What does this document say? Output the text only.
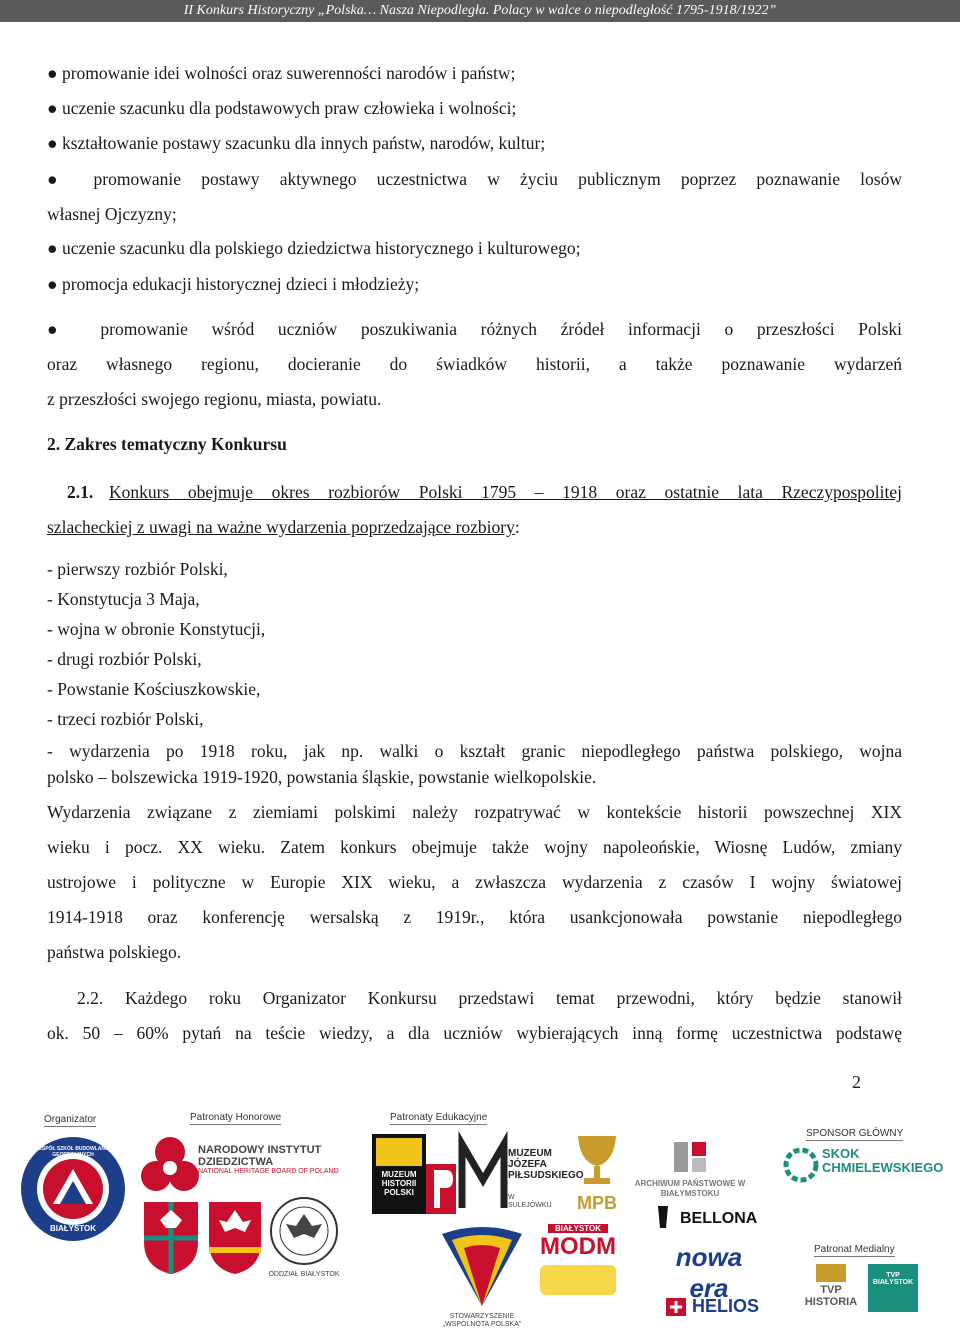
II Konkurs Historyczny „Polska… Nasza Niepodległa. Polacy w walce o niepodległość 1795-1918/1922”
● promowanie idei wolności oraz suwerenności narodów i państw;
● uczenie szacunku dla podstawowych praw człowieka i wolności;
● kształtowanie postawy szacunku dla innych państw, narodów, kultur;
● promowanie postawy aktywnego uczestnictwa w życiu publicznym poprzez poznawanie losów
własnej Ojczyzny;
● uczenie szacunku dla polskiego dziedzictwa historycznego i kulturowego;
● promocja edukacji historycznej dzieci i młodzieży;
● promowanie wśród uczniów poszukiwania różnych źródeł informacji o przeszłości Polski
oraz własnego regionu, docieranie do świadków historii, a także poznawanie wydarzeń
z przeszłości swojego regionu, miasta, powiatu.
2. Zakres tematyczny Konkursu
2.1. Konkurs obejmuje okres rozbiorów Polski 1795 – 1918 oraz ostatnie lata Rzeczypospolitej
szlacheckiej z uwagi na ważne wydarzenia poprzedzające rozbiory:
- pierwszy rozbiór Polski,
- Konstytucja 3 Maja,
- wojna w obronie Konstytucji,
- drugi rozbiór Polski,
- Powstanie Kościuszkowskie,
- trzeci rozbiór Polski,
- wydarzenia po 1918 roku, jak np. walki o kształt granic niepodległego państwa polskiego, wojna
polsko – bolszewicka 1919-1920, powstania śląskie, powstanie wielkopolskie.
Wydarzenia związane z ziemiami polskimi należy rozpatrywać w kontekście historii powszechnej XIX
wieku i pocz. XX wieku. Zatem konkurs obejmuje także wojny napoleońskie, Wiosnę Ludów, zmiany
ustrojowe i polityczne w Europie XIX wieku, a zwłaszcza wydarzenia z czasów I wojny światowej
1914-1918 oraz konferencję wersalską z 1919r., która usankcjonowała powstanie niepodległego
państwa polskiego.
2.2. Każdego roku Organizator Konkursu przedstawi temat przewodni, który będzie stanowił
ok. 50 – 60% pytań na teście wiedzy, a dla uczniów wybierających inną formę uczestnictwa podstawę
2
Organizator	Patronaty Honorowe	Patronaty Edukacyjne
SPONSOR GŁÓWNY
Patronat Medialny
ZESPÓŁ SZKÓŁ BUDOWLANO-GEODEZYJNYCH
BIAŁYSTOK
NARODOWY INSTYTUT
DZIEDZICTWA
NATIONAL HERITAGE BOARD OF POLAND
ODDZIAŁ BIAŁYSTOK
MUZEUM HISTORII POLSKI
MUZEUM JÓZEFA PIŁSUDSKIEGO
W SULEJÓWKU	MPB
ARCHIWUM PAŃSTWOWE W BIAŁYMSTOKU
SKOK
CHMIELEWSKIEGO
STOWARZYSZENIE „WSPÓLNOTA POLSKA”
BIAŁYSTOK
MODM
BELLONA
nowa era
HELIOS
TVP HISTORIA
TVP BIAŁYSTOK
